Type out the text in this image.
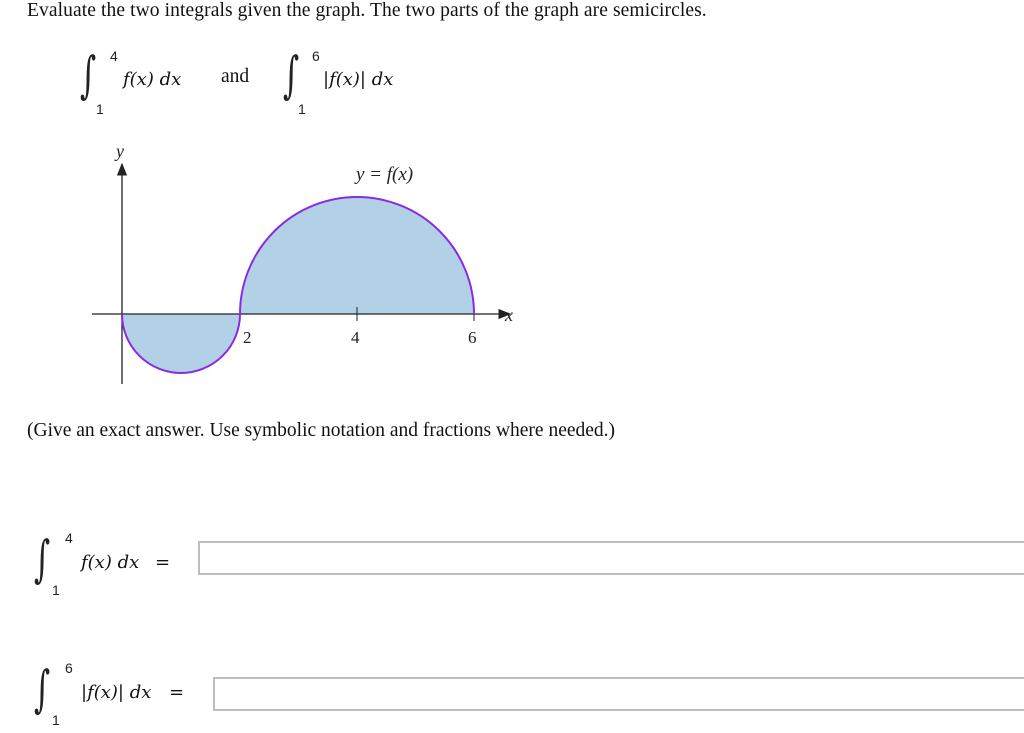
Evaluate the two integrals given the graph. The two parts of the graph are semicircles.
∫ 4
1
f(x) dx and ∫ 6
1
|f(x)| dx
2	4	6
x
y
y = f(x)
(Give an exact answer. Use symbolic notation and fractions where needed.)
∫ 4
1
f(x) dx =
∫ 6
1
|f(x)| dx =
